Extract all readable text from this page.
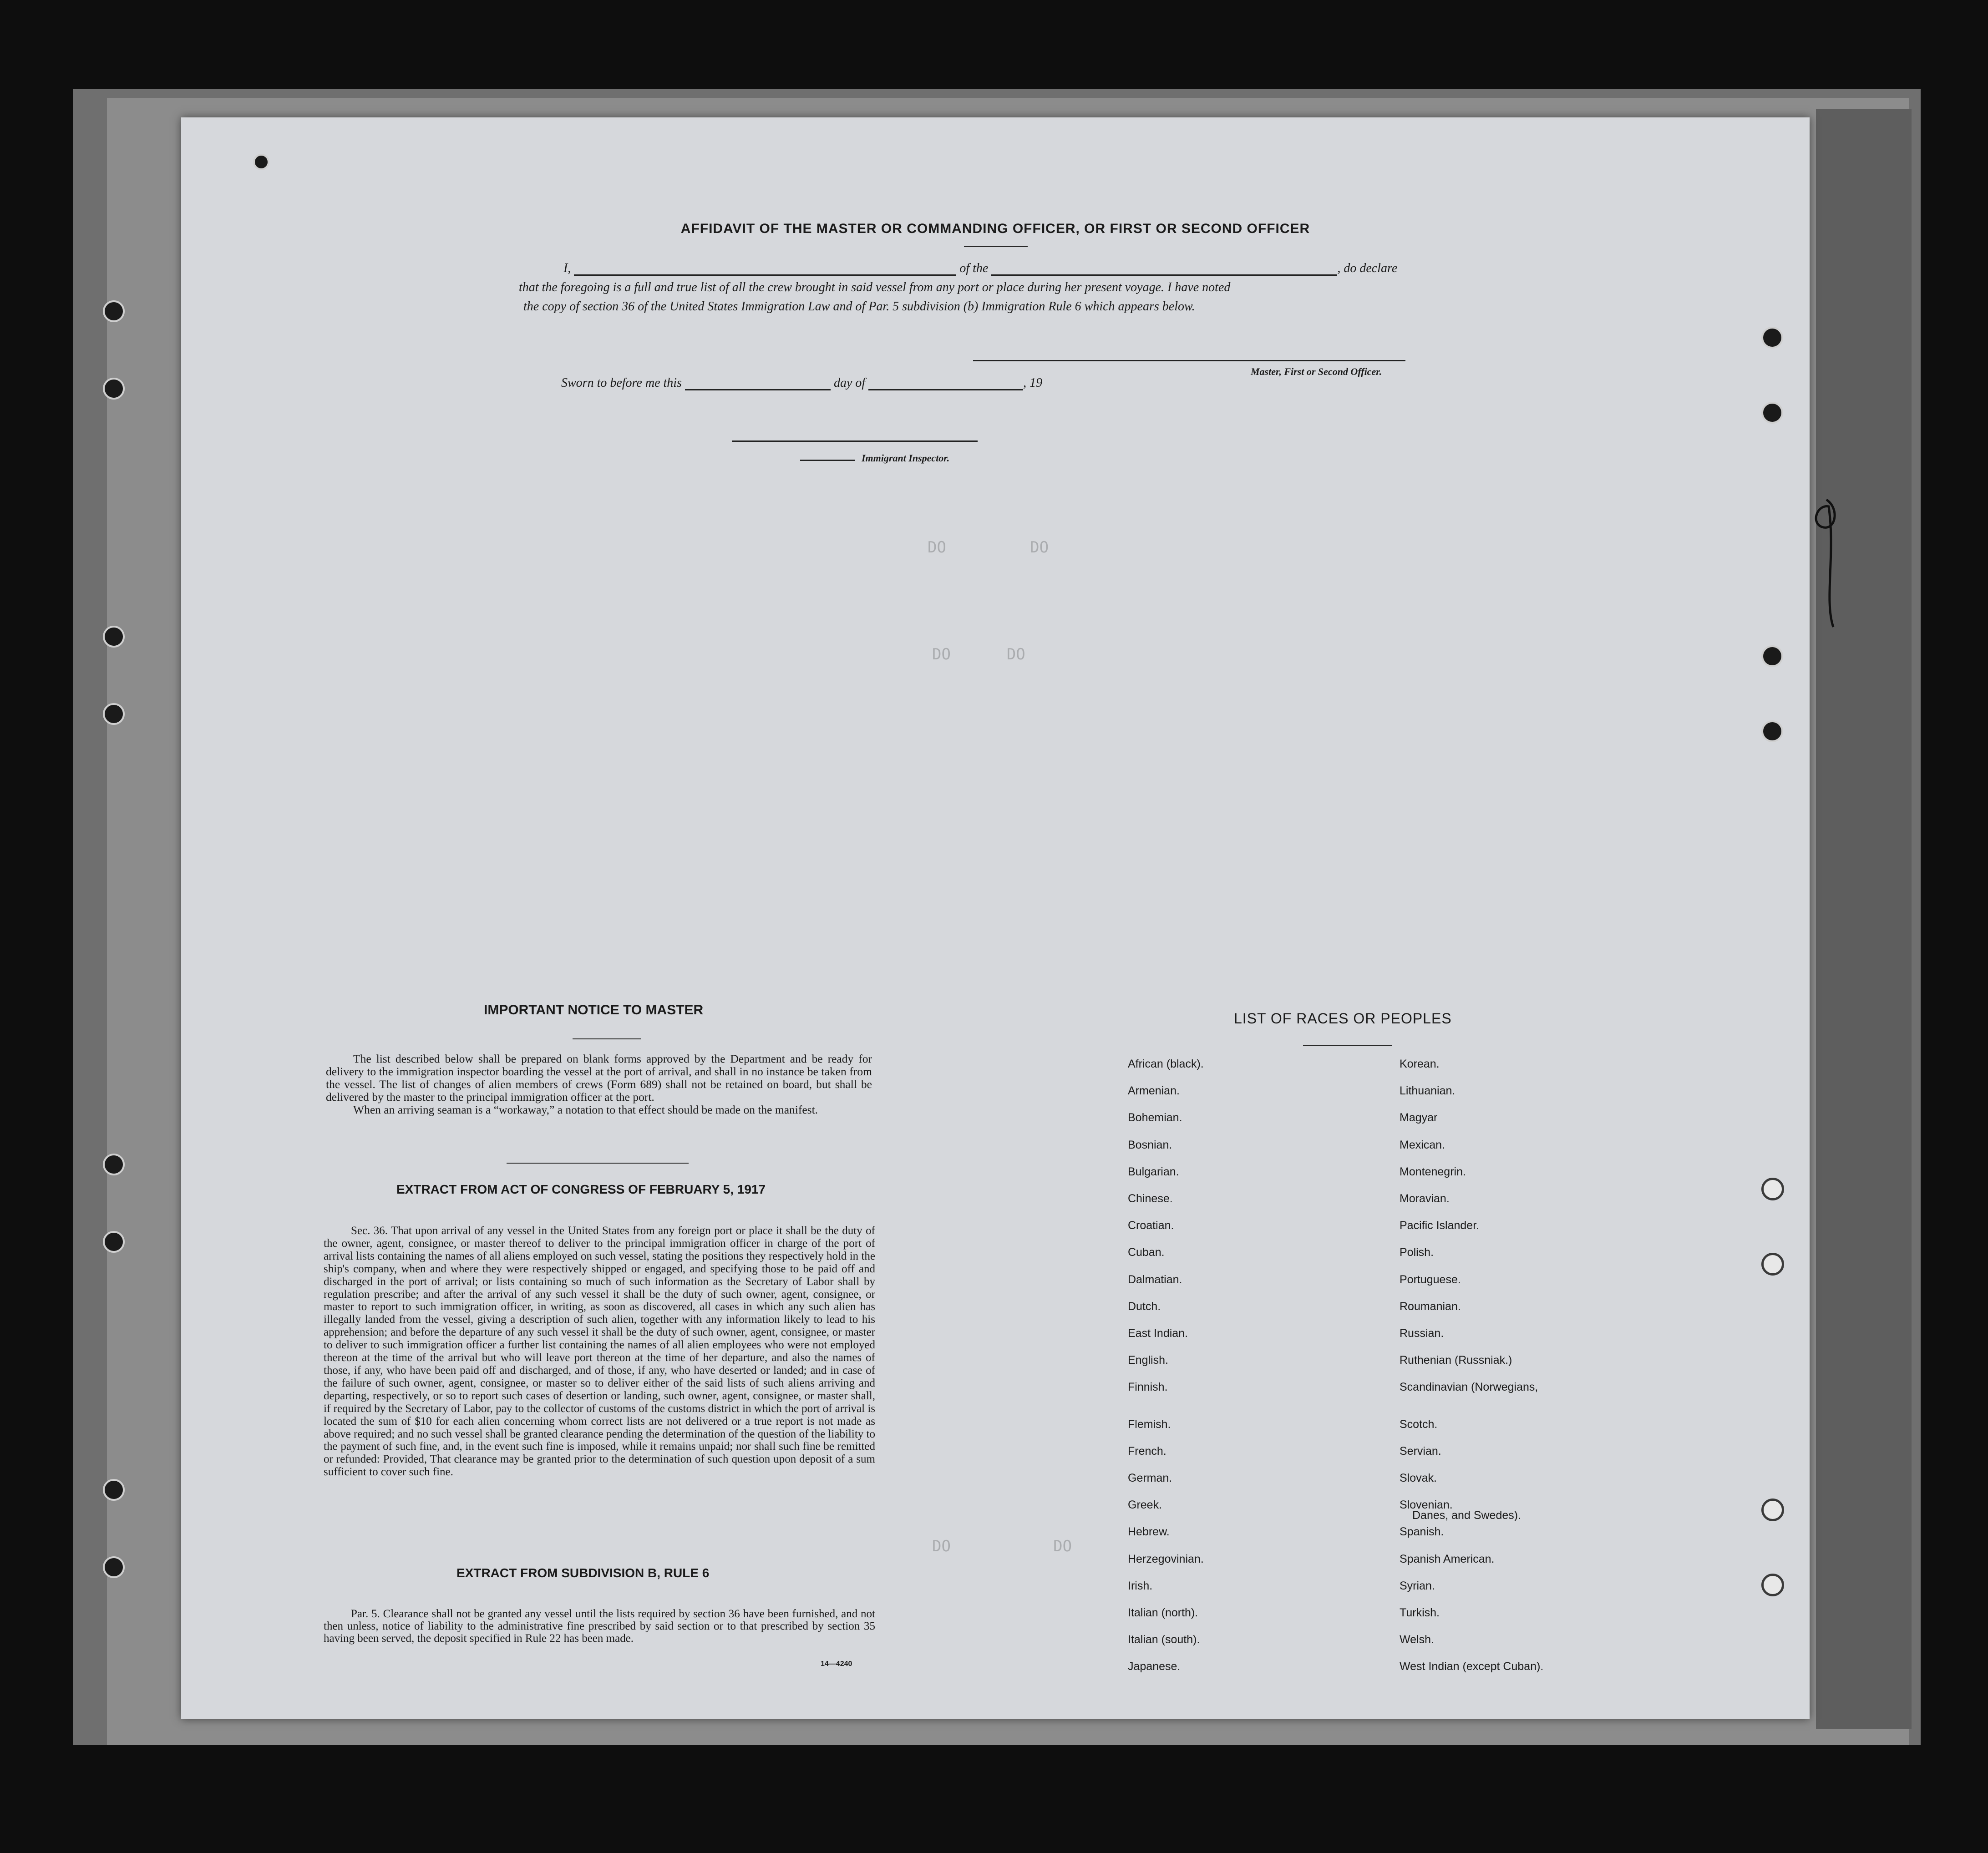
DO         DO
DO      DO
DO           DO
AFFIDAVIT OF THE MASTER OR COMMANDING OFFICER, OR FIRST OR SECOND OFFICER
I,	of the	, do declare
that the foregoing is a full and true list of all the crew brought in said vessel from any port or place during her present voyage. I have noted
the copy of section 36 of the United States Immigration Law and of Par. 5 subdivision (b) Immigration Rule 6 which appears below.
Master, First or Second Officer.
Sworn to before me this	day of	, 19
Immigrant Inspector.
IMPORTANT NOTICE TO MASTER

The list described below shall be prepared on blank forms approved by the Department and be ready for delivery to the immigration inspector boarding the vessel at the port of arrival, and shall in no instance be taken from the vessel. The list of changes of alien members of crews (Form 689) shall not be retained on board, but shall be delivered by the master to the principal immigration officer at the port.

When an arriving seaman is a “workaway,” a notation to that effect should be made on the manifest.

EXTRACT FROM ACT OF CONGRESS OF FEBRUARY 5, 1917

Sec. 36. That upon arrival of any vessel in the United States from any foreign port or place it shall be the duty of the owner, agent, consignee, or master thereof to deliver to the principal immigration officer in charge of the port of arrival lists containing the names of all aliens employed on such vessel, stating the positions they respectively hold in the ship's company, when and where they were respectively shipped or engaged, and specifying those to be paid off and discharged in the port of arrival; or lists containing so much of such information as the Secretary of Labor shall by regulation prescribe; and after the arrival of any such vessel it shall be the duty of such owner, agent, consignee, or master to report to such immigration officer, in writing, as soon as discovered, all cases in which any such alien has illegally landed from the vessel, giving a description of such alien, together with any information likely to lead to his apprehension; and before the departure of any such vessel it shall be the duty of such owner, agent, consignee, or master to deliver to such immigration officer a further list containing the names of all alien employees who were not employed thereon at the time of the arrival but who will leave port thereon at the time of her departure, and also the names of those, if any, who have been paid off and discharged, and of those, if any, who have deserted or landed; and in case of the failure of such owner, agent, consignee, or master so to deliver either of the said lists of such aliens arriving and departing, respectively, or so to report such cases of desertion or landing, such owner, agent, consignee, or master shall, if required by the Secretary of Labor, pay to the collector of customs of the customs district in which the port of arrival is located the sum of $10 for each alien concerning whom correct lists are not delivered or a true report is not made as above required; and no such vessel shall be granted clearance pending the determination of the question of the liability to the payment of such fine, and, in the event such fine is imposed, while it remains unpaid; nor shall such fine be remitted or refunded: Provided, That clearance may be granted prior to the determination of such question upon deposit of a sum sufficient to cover such fine.

EXTRACT FROM SUBDIVISION B, RULE 6

Par. 5. Clearance shall not be granted any vessel until the lists required by section 36 have been furnished, and not then unless, notice of liability to the administrative fine prescribed by said section or to that prescribed by section 35 having been served, the deposit specified in Rule 22 has been made.

14—4240
LIST OF RACES OR PEOPLES
African (black).
Armenian.
Bohemian.
Bosnian.
Bulgarian.
Chinese.
Croatian.
Cuban.
Dalmatian.
Dutch.
East Indian.
English.
Finnish.
Flemish.
French.
German.
Greek.
Hebrew.
Herzegovinian.
Irish.
Italian (north).
Italian (south).
Japanese.
Korean.
Lithuanian.
Magyar
Mexican.
Montenegrin.
Moravian.
Pacific Islander.
Polish.
Portuguese.
Roumanian.
Russian.
Ruthenian (Russniak.)
Scandinavian (Norwegians,
Scotch.
Servian.
Slovak.
Slovenian.
Spanish.
Spanish American.
Syrian.
Turkish.
Welsh.
West Indian (except Cuban).
Danes, and Swedes).
